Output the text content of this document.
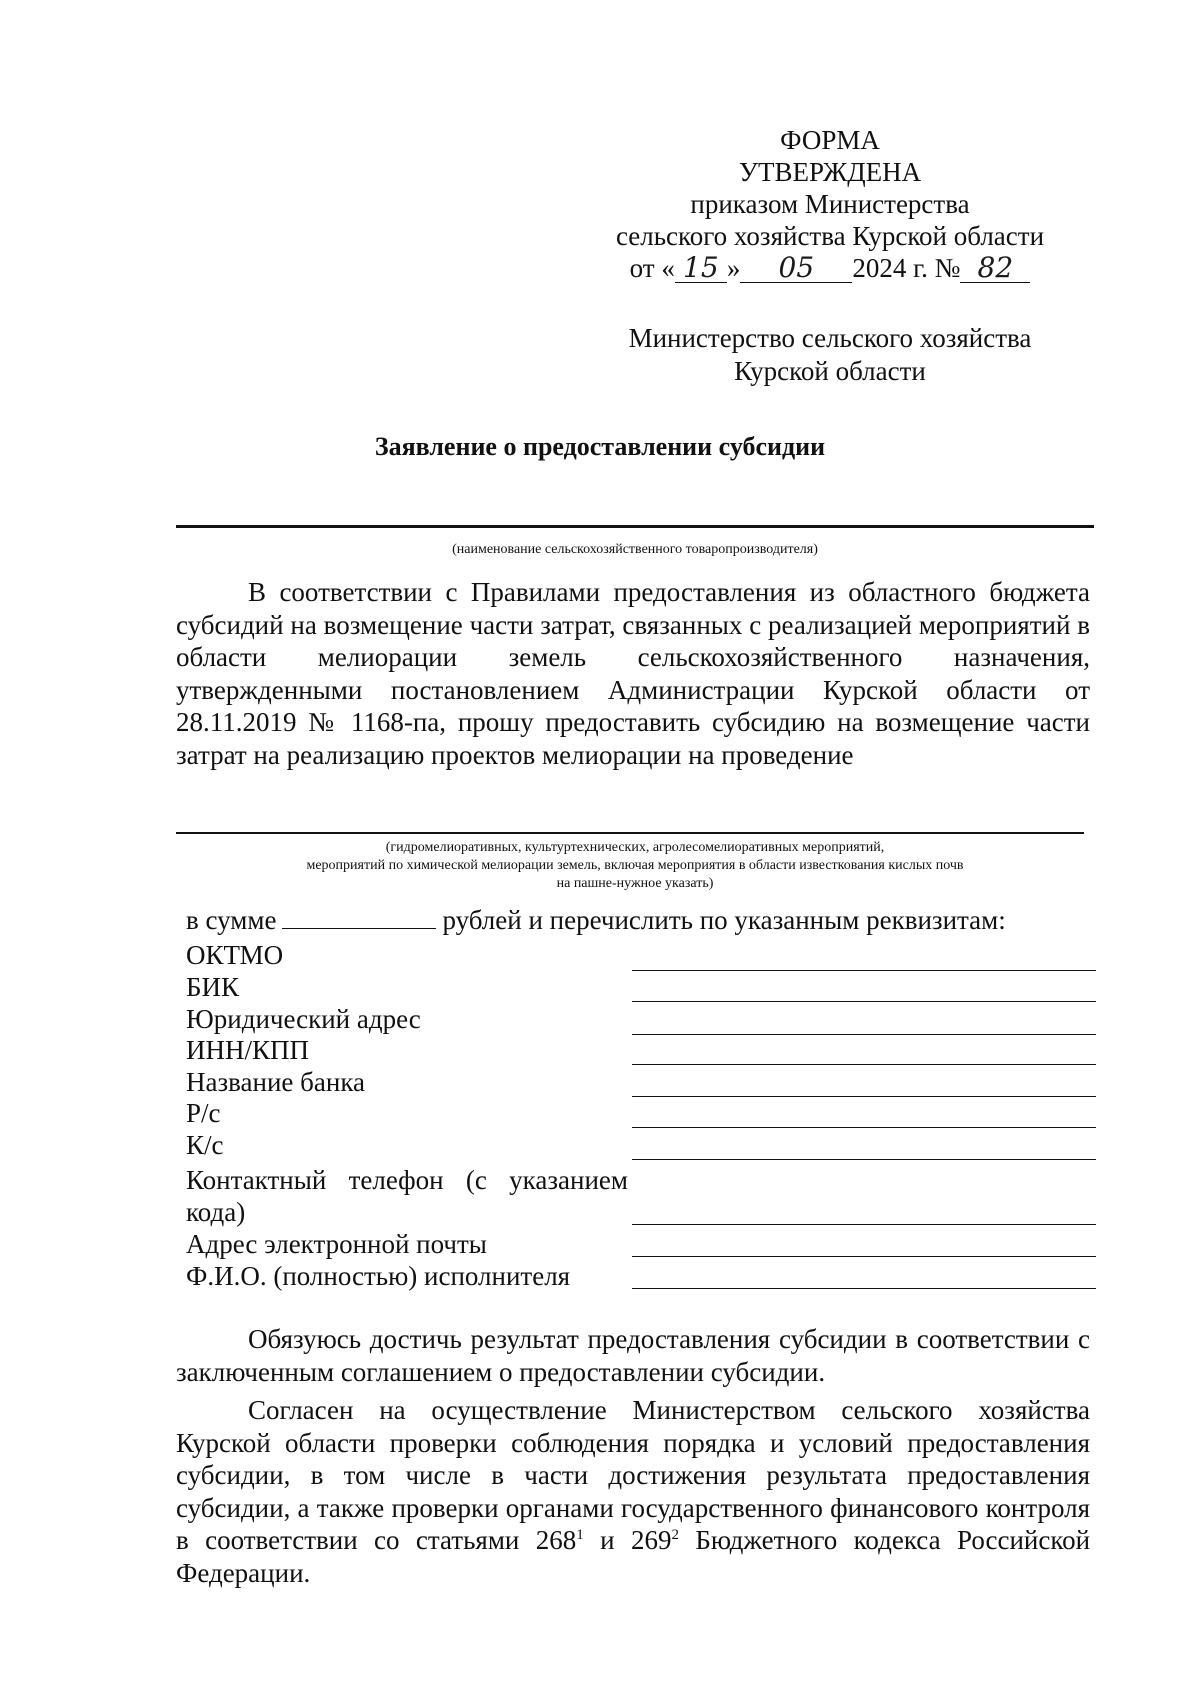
ФОРМА
УТВЕРЖДЕНА
приказом Министерства
сельского хозяйства Курской области
от « 15 » 05 2024 г. № 82
Министерство сельского хозяйства
Курской области
Заявление о предоставлении субсидии
(наименование сельскохозяйственного товаропроизводителя)
В соответствии с Правилами предоставления из областного бюджета субсидий на возмещение части затрат, связанных с реализацией мероприятий в области мелиорации земель сельскохозяйственного назначения, утвержденными постановлением Администрации Курской области от 28.11.2019 № 1168-па, прошу предоставить субсидию на возмещение части затрат на реализацию проектов мелиорации на проведение
(гидромелиоративных, культуртехнических, агролесомелиоративных мероприятий,
мероприятий по химической мелиорации земель, включая мероприятия в области известкования кислых почв
на пашне-нужное указать)
в сумме	рублей и перечислить по указанным реквизитам:
ОКТМО
БИК
Юридический адрес
ИНН/КПП
Название банка
Р/с
К/с
Контактный телефон (с указанием
кода)
Адрес электронной почты
Ф.И.О. (полностью) исполнителя
Обязуюсь достичь результат предоставления субсидии в соответствии с заключенным соглашением о предоставлении субсидии.
Согласен на осуществление Министерством сельского хозяйства Курской области проверки соблюдения порядка и условий предоставления субсидии, в том числе в части достижения результата предоставления субсидии, а также проверки органами государственного финансового контроля в соответствии со статьями $268^1$ и $269^2$ Бюджетного кодекса Российской Федерации.
